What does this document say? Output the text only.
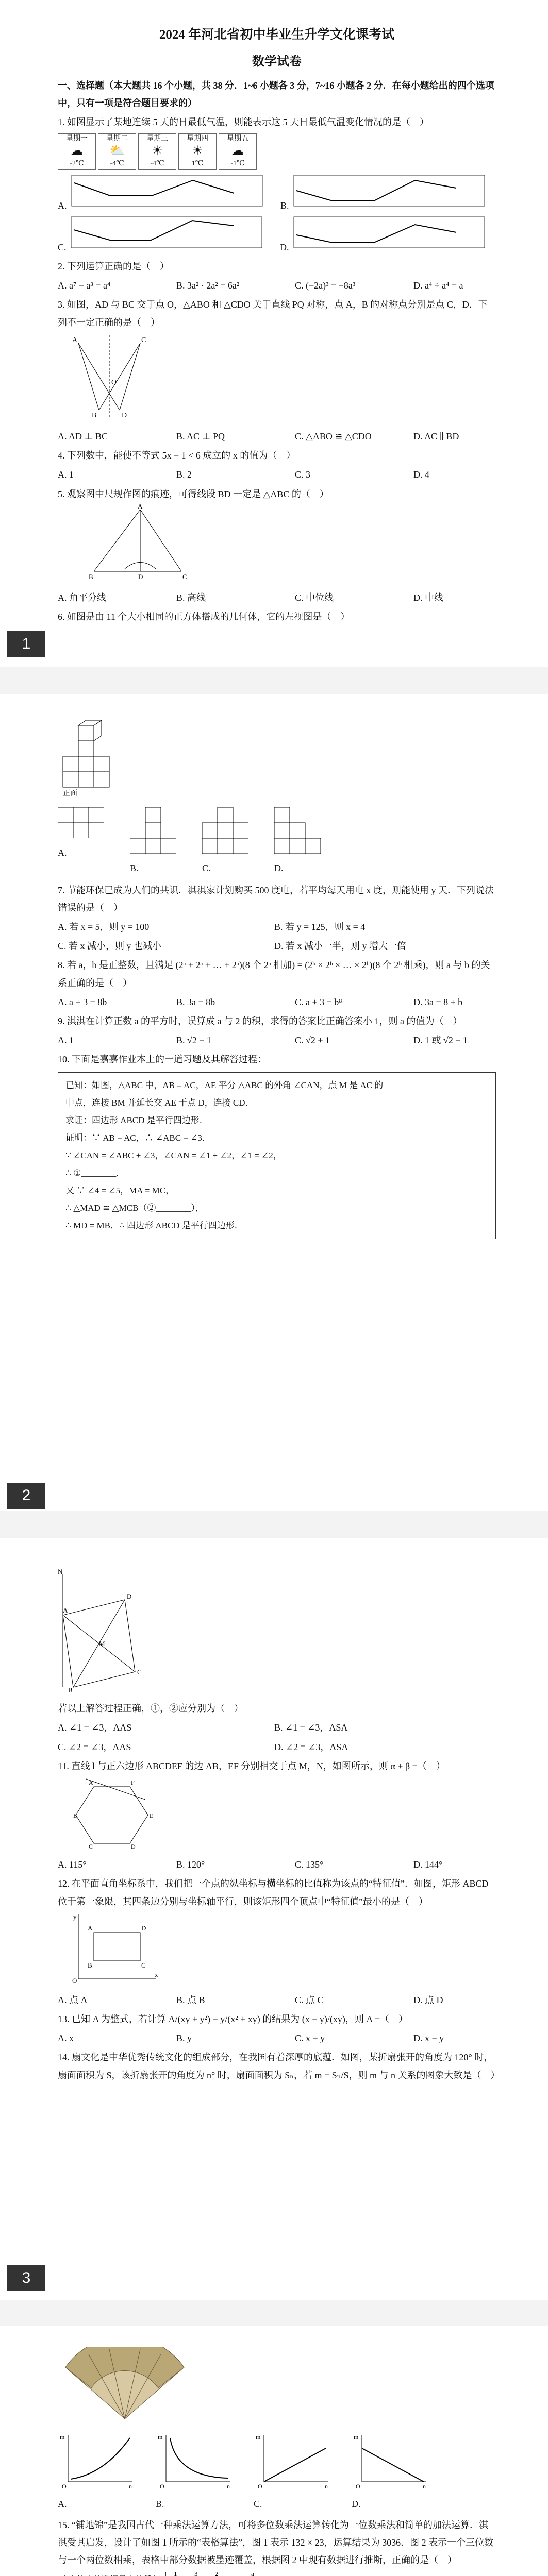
2024 年河北省初中毕业生升学文化课考试

数学试卷

一、选择题（本大题共 16 个小题，共 38 分．1~6 小题各 3 分，7~16 小题各 2 分．在每小题给出的四个选项中，只有一项是符合题目要求的）
1. 如图显示了某地连续 5 天的日最低气温，则能表示这 5 天日最低气温变化情况的是（　）
星期一
☁
-2℃
星期二
⛅
-4℃
星期三
☀
-4℃
星期四
☀
1℃
星期五
☁
-1℃
A.	B.
C.	D.
2. 下列运算正确的是（　）
A. a⁷ − a³ = a⁴	B. 3a² · 2a² = 6a²	C. (−2a)³ = −8a³	D. a⁴ ÷ a⁴ = a
3. 如图，AD 与 BC 交于点 O，△ABO 和 △CDO 关于直线 PQ 对称，点 A，B 的对称点分别是点 C，D．下列不一定正确的是（　）
A	C
B	D
O
A. AD ⊥ BC	B. AC ⊥ PQ	C. △ABO ≌ △CDO	D. AC ∥ BD
4. 下列数中，能使不等式 5x − 1 < 6 成立的 x 的值为（　）
A. 1	B. 2	C. 3	D. 4
5. 观察图中尺规作图的痕迹，可得线段 BD 一定是 △ABC 的（　）
A
B	C
D
A. 角平分线	B. 高线	C. 中位线	D. 中线
6. 如图是由 11 个大小相同的正方体搭成的几何体，它的左视图是（　）
1
正面
A.
B.	C.	D.
7. 节能环保已成为人们的共识．淇淇家计划购买 500 度电，若平均每天用电 x 度，则能使用 y 天．下列说法错误的是（　）
A. 若 x = 5，则 y = 100	B. 若 y = 125，则 x = 4
C. 若 x 减小，则 y 也减小	D. 若 x 减小一半，则 y 增大一倍
8. 若 a，b 是正整数，且满足 (2ᵃ + 2ᵃ + … + 2ᵃ)(8 个 2ᵃ 相加) = (2ᵇ × 2ᵇ × … × 2ᵇ)(8 个 2ᵇ 相乘)，则 a 与 b 的关系正确的是（　）
A. a + 3 = 8b	B. 3a = 8b	C. a + 3 = b⁸	D. 3a = 8 + b
9. 淇淇在计算正数 a 的平方时，误算成 a 与 2 的积，求得的答案比正确答案小 1，则 a 的值为（　）
A. 1	B. √2 − 1	C. √2 + 1	D. 1 或 √2 + 1
10. 下面是嘉嘉作业本上的一道习题及其解答过程：
已知：如图，△ABC 中，AB = AC，AE 平分 △ABC 的外角 ∠CAN，点 M 是 AC 的
中点，连接 BM 并延长交 AE 于点 D，连接 CD．
求证：四边形 ABCD 是平行四边形．
证明：∵ AB = AC，∴ ∠ABC = ∠3．
∵ ∠CAN = ∠ABC + ∠3，∠CAN = ∠1 + ∠2，∠1 = ∠2，
∴ ①________．
又 ∵ ∠4 = ∠5，MA = MC，
∴ △MAD ≌ △MCB（②________），
∴ MD = MB．∴ 四边形 ABCD 是平行四边形．
2
N
A
D
C
B
M
若以上解答过程正确，①，②应分别为（　）
A. ∠1 = ∠3，AAS	B. ∠1 = ∠3，ASA
C. ∠2 = ∠3，AAS	D. ∠2 = ∠3，ASA
11. 直线 l 与正六边形 ABCDEF 的边 AB，EF 分别相交于点 M，N，如图所示，则 α + β =（　）
A	F
E
D
C
B
A. 115°	B. 120°	C. 135°	D. 144°
12. 在平面直角坐标系中，我们把一个点的纵坐标与横坐标的比值称为该点的“特征值”．如图，矩形 ABCD 位于第一象限，其四条边分别与坐标轴平行，则该矩形四个顶点中“特征值”最小的是（　）
y
x
O
A	D
B	C
A. 点 A	B. 点 B	C. 点 C	D. 点 D
13. 已知 A 为整式，若计算 A/(xy + y²) − y/(x² + xy) 的结果为 (x − y)/(xy)，则 A =（　）
A. x	B. y	C. x + y	D. x − y
14. 扇文化是中华优秀传统文化的组成部分，在我国有着深厚的底蕴．如图，某折扇张开的角度为 120° 时，扇面面积为 S，该折扇张开的角度为 n° 时，扇面面积为 Sₙ，若 m = Sₙ/S，则 m 与 n 关系的图象大致是（　）
3
m
n
O
A.
m
n
O
B.
m
n
O
C.
m
n
O
D.
15. “铺地锦”是我国古代一种乘法运算方法，可将多位数乘法运算转化为一位数乘法和简单的加法运算．淇淇受其启发，设计了如图 1 所示的“表格算法”，图 1 表示 132 × 23，运算结果为 3036．图 2 表示一个三位数与一个两位数相乘，表格中部分数据被墨迹覆盖，根据图 2 中现有数据进行推断，正确的是（　）
1	3	2	a
